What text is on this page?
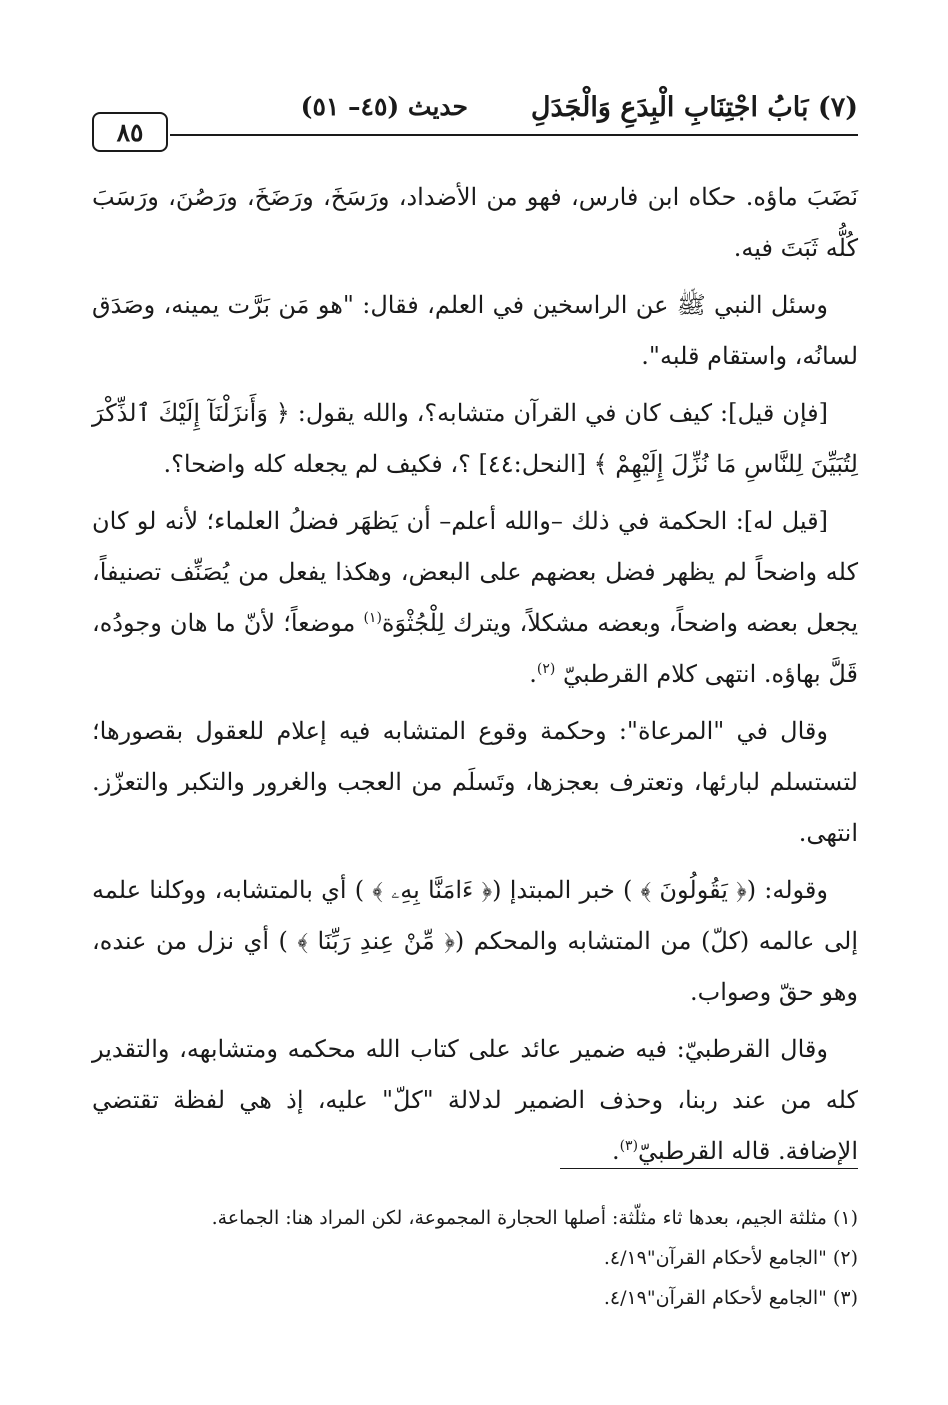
(٧) بَابُ اجْتِنَابِ الْبِدَعِ وَالْجَدَلِ
حديث (٤٥– ٥١)
٨٥

نَضَبَ ماؤه. حكاه ابن فارس، فهو من الأضداد، ورَسَخَ، ورَضَخَ، ورَصُنَ، ورَسَبَ كُلُّه ثَبَتَ فيه.

وسئل النبي ﷺ عن الراسخين في العلم، فقال: "هو مَن بَرَّت يمينه، وصَدَق لسانُه، واستقام قلبه".

[فإن قيل]: كيف كان في القرآن متشابه؟، والله يقول: ﴿ وَأَنزَلْنَآ إِلَيْكَ ٱلذِّكْرَ لِتُبَيِّنَ لِلنَّاسِ مَا نُزِّلَ إِلَيْهِمْ ﴾ [النحل:٤٤] ؟، فكيف لم يجعله كله واضحا؟.

[قيل له]: الحكمة في ذلك –والله أعلم– أن يَظهَر فضلُ العلماء؛ لأنه لو كان كله واضحاً لم يظهر فضل بعضهم على البعض، وهكذا يفعل من يُصَنِّف تصنيفاً، يجعل بعضه واضحاً، وبعضه مشكلاً، ويترك لِلْجُثْوَة$^{(١)}$ موضعاً؛ لأنّ ما هان وجودُه، قَلَّ بهاؤه. انتهى كلام القرطبيّ $^{(٢)}$.

وقال في "المرعاة": وحكمة وقوع المتشابه فيه إعلام للعقول بقصورها؛ لتستسلم لبارئها، وتعترف بعجزها، وتَسلَم من العجب والغرور والتكبر والتعزّز. انتهى.

وقوله: (﴿ يَقُولُونَ ﴾ ) خبر المبتدإ (﴿ ءَامَنَّا بِهِۦ ﴾ ) أي بالمتشابه، ووكلنا علمه إلى عالمه (كلّ) من المتشابه والمحكم (﴿ مِّنْ عِندِ رَبِّنَا ﴾ ) أي نزل من عنده، وهو حقّ وصواب.

وقال القرطبيّ: فيه ضمير عائد على كتاب الله محكمه ومتشابهه، والتقدير كله من عند ربنا، وحذف الضمير لدلالة "كلّ" عليه، إذ هي لفظة تقتضي الإضافة. قاله القرطبيّ$^{(٣)}$.

(١) مثلثة الجيم، بعدها ثاء مثلّثة: أصلها الحجارة المجموعة، لكن المراد هنا: الجماعة.

(٢) "الجامع لأحكام القرآن"٤/١٩.

(٣) "الجامع لأحكام القرآن"٤/١٩.
